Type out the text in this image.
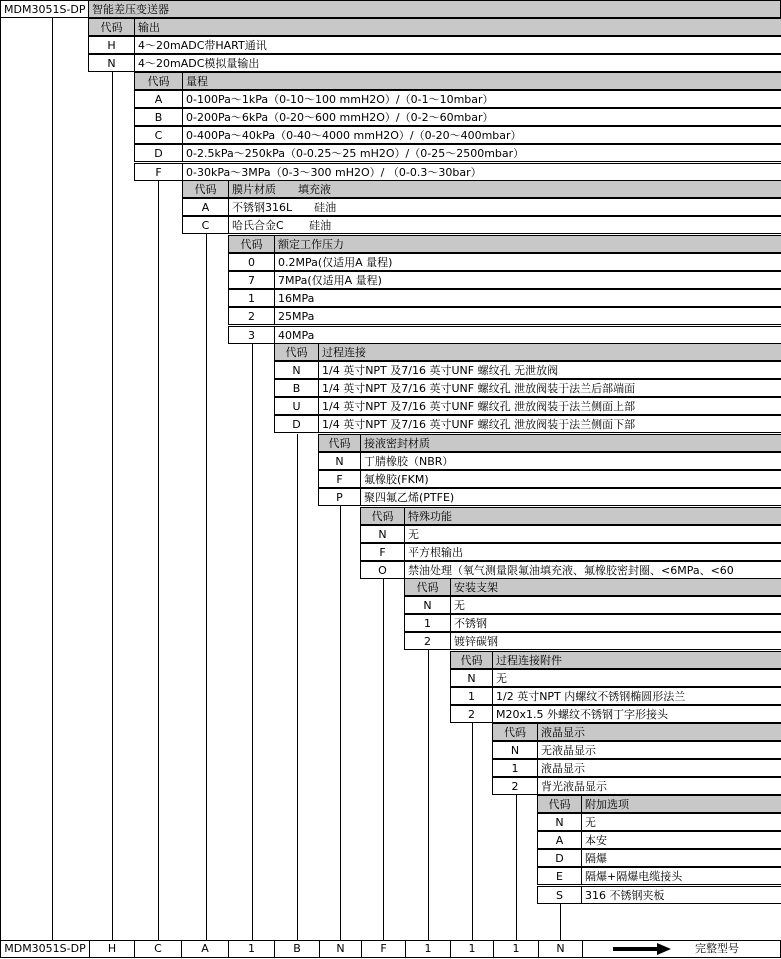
MDM3051S-DP 智能差压变送器
代码	输出
H	4～20mADC带HART通讯
N	4～20mADC模拟量输出
代码	量程
A	0-100Pa～1kPa（0-10～100 mmH2O）/（0-1～10mbar）
B	0-200Pa～6kPa（0-20～600 mmH2O）/（0-2～60mbar）
C	0-400Pa～40kPa（0-40～4000 mmH2O）/（0-20～400mbar）
D	0-2.5kPa～250kPa（0-0.25～25 mH2O）/（0-25～2500mbar）
F	0-30kPa～3MPa（0-3～300 mH2O）/ （0-0.3～30bar）
代码	膜片材质　　填充液
A	不锈钢316L　　硅油
C	哈氏合金C　　 硅油
代码	额定工作压力
0	0.2MPa(仅适用A 量程)
7	7MPa(仅适用A 量程)
1	16MPa
2	25MPa
3	40MPa
代码	过程连接
N	1/4 英寸NPT 及7/16 英寸UNF 螺纹孔 无泄放阀
B	1/4 英寸NPT 及7/16 英寸UNF 螺纹孔 泄放阀装于法兰后部端面
U	1/4 英寸NPT 及7/16 英寸UNF 螺纹孔 泄放阀装于法兰侧面上部
D	1/4 英寸NPT 及7/16 英寸UNF 螺纹孔 泄放阀装于法兰侧面下部
代码	接液密封材质
N	丁腈橡胶（NBR）
F	氟橡胶(FKM)
P	聚四氟乙烯(PTFE)
代码	特殊功能
N	无
F	平方根输出
O	禁油处理（氧气测量限氟油填充液、氟橡胶密封圈、<6MPa、<60
代码	安装支架
N	无
1	不锈钢
2	镀锌碳钢
代码	过程连接附件
N	无
1	1/2 英寸NPT 内螺纹不锈钢椭圆形法兰
2	M20x1.5 外螺纹不锈钢丁字形接头
代码	液晶显示
N	无液晶显示
1	液晶显示
2	背光液晶显示
代码	附加选项
N	无
A	本安
D	隔爆
E	隔爆+隔爆电缆接头
S	316 不锈钢夹板
MDM3051S-DP	H	C	A	1	B	N	F	1	1	1	N	完整型号
